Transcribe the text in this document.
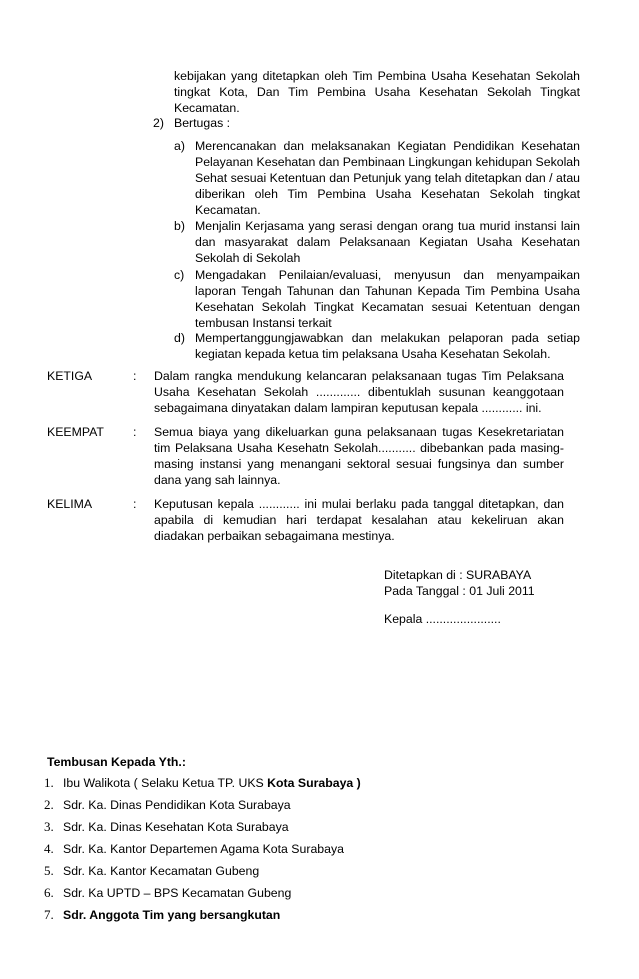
kebijakan yang ditetapkan oleh Tim Pembina Usaha Kesehatan Sekolah tingkat Kota, Dan Tim Pembina Usaha Kesehatan Sekolah Tingkat Kecamatan.

2) Bertugas :
a) Merencanakan dan melaksanakan Kegiatan Pendidikan Kesehatan Pelayanan Kesehatan dan Pembinaan Lingkungan kehidupan Sekolah Sehat sesuai Ketentuan dan Petunjuk yang telah ditetapkan dan / atau diberikan oleh Tim Pembina Usaha Kesehatan Sekolah tingkat Kecamatan.

b) Menjalin Kerjasama yang serasi dengan orang tua murid instansi lain dan masyarakat dalam Pelaksanaan Kegiatan Usaha Kesehatan Sekolah di Sekolah

c) Mengadakan Penilaian/evaluasi, menyusun dan menyampaikan laporan Tengah Tahunan dan Tahunan Kepada Tim Pembina Usaha Kesehatan Sekolah Tingkat Kecamatan sesuai Ketentuan dengan tembusan Instansi terkait

d) Mempertanggungjawabkan dan melakukan pelaporan pada setiap kegiatan kepada ketua tim pelaksana Usaha Kesehatan Sekolah.

KETIGA	: Dalam rangka mendukung kelancaran pelaksanaan tugas Tim Pelaksana Usaha Kesehatan Sekolah ............. dibentuklah susunan keanggotaan sebagaimana dinyatakan dalam lampiran keputusan kepala ............ ini.

KEEMPAT : Semua biaya yang dikeluarkan guna pelaksanaan tugas Kesekretariatan tim Pelaksana Usaha Kesehatn Sekolah........... dibebankan pada masing-masing instansi yang menangani sektoral sesuai fungsinya dan sumber dana yang sah lainnya.

KELIMA	: Keputusan kepala ............ ini mulai berlaku pada tanggal ditetapkan, dan apabila di kemudian hari terdapat kesalahan atau kekeliruan akan diadakan perbaikan sebagaimana mestinya.

Ditetapkan di : SURABAYA
Pada Tanggal : 01 Juli 2011
Kepala ......................
Tembusan Kepada Yth.:
1. Ibu Walikota ( Selaku Ketua TP. UKS Kota Surabaya )
2. Sdr. Ka. Dinas Pendidikan Kota Surabaya
3. Sdr. Ka. Dinas Kesehatan Kota Surabaya
4. Sdr. Ka. Kantor Departemen Agama Kota Surabaya
5. Sdr. Ka. Kantor Kecamatan Gubeng
6. Sdr. Ka UPTD – BPS Kecamatan Gubeng
7. Sdr. Anggota Tim yang bersangkutan
